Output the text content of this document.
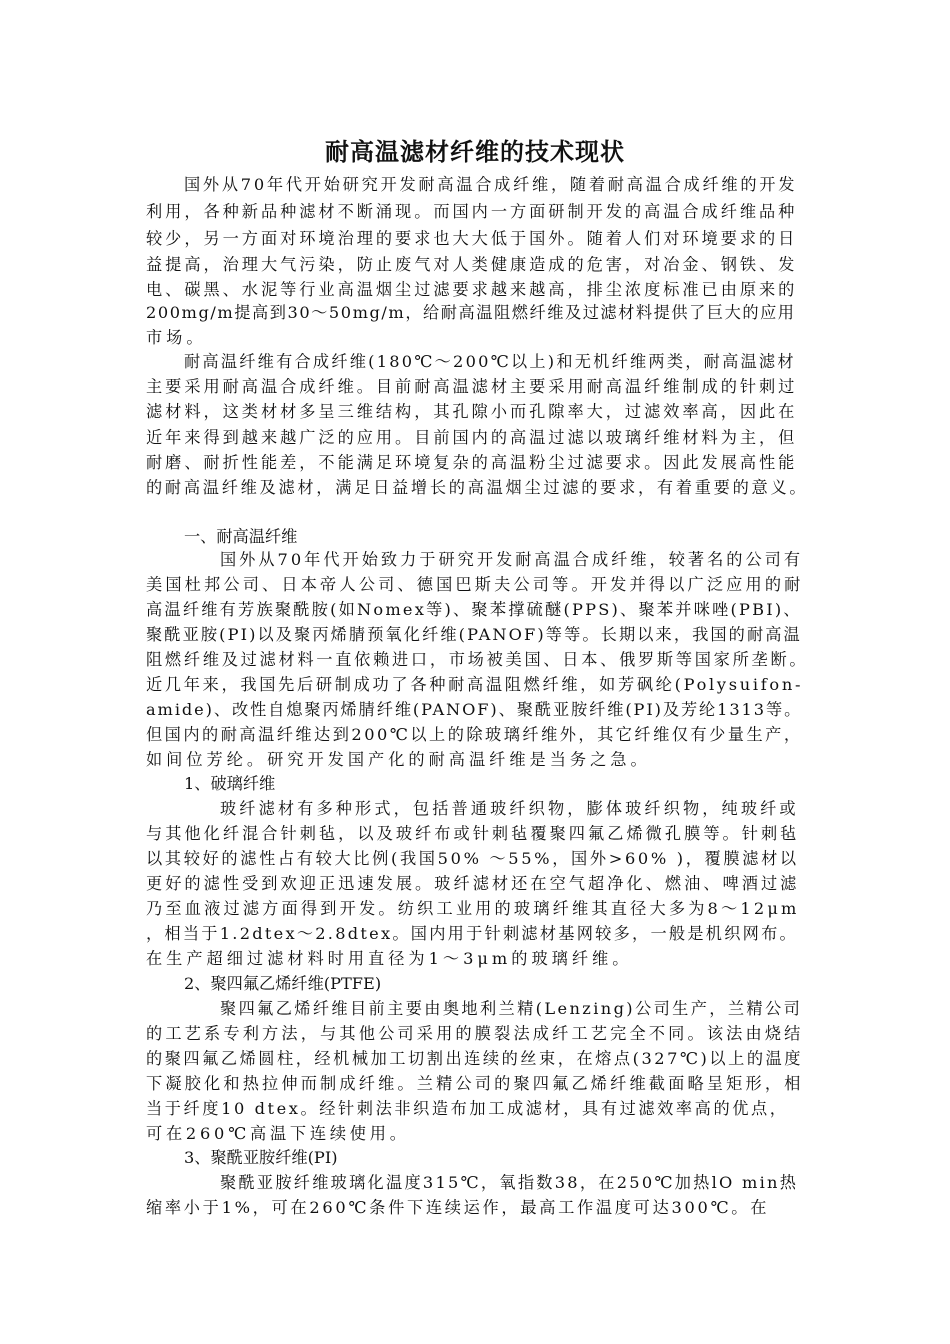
耐高温滤材纤维的技术现状
国外从70年代开始研究开发耐高温合成纤维，随着耐高温合成纤维的开发
利用，各种新品种滤材不断涌现。而国内一方面研制开发的高温合成纤维品种
较少，另一方面对环境治理的要求也大大低于国外。随着人们对环境要求的日
益提高，治理大气污染，防止废气对人类健康造成的危害，对冶金、钢铁、发
电、碳黑、水泥等行业高温烟尘过滤要求越来越高，排尘浓度标准已由原来的
200mg/m提高到30～50mg/m，给耐高温阻燃纤维及过滤材料提供了巨大的应用
市场。
耐高温纤维有合成纤维(180℃～200℃以上)和无机纤维两类，耐高温滤材
主要采用耐高温合成纤维。目前耐高温滤材主要采用耐高温纤维制成的针刺过
滤材料，这类材材多呈三维结构，其孔隙小而孔隙率大，过滤效率高，因此在
近年来得到越来越广泛的应用。目前国内的高温过滤以玻璃纤维材料为主，但
耐磨、耐折性能差，不能满足环境复杂的高温粉尘过滤要求。因此发展高性能
的耐高温纤维及滤材，满足日益增长的高温烟尘过滤的要求，有着重要的意义。
一、耐高温纤维
国外从70年代开始致力于研究开发耐高温合成纤维，较著名的公司有
美国杜邦公司、日本帝人公司、德国巴斯夫公司等。开发并得以广泛应用的耐
高温纤维有芳族聚酰胺(如Nomex等)、聚苯撑硫醚(PPS)、聚苯并咪唑(PBI)、
聚酰亚胺(PI)以及聚丙烯腈预氧化纤维(PANOF)等等。长期以来，我国的耐高温
阻燃纤维及过滤材料一直依赖进口，市场被美国、日本、俄罗斯等国家所垄断。
近几年来，我国先后研制成功了各种耐高温阻燃纤维，如芳砜纶(Polysuifon-
amide)、改性自熄聚丙烯腈纤维(PANOF)、聚酰亚胺纤维(PI)及芳纶1313等。
但国内的耐高温纤维达到200℃以上的除玻璃纤维外，其它纤维仅有少量生产，
如间位芳纶。研究开发国产化的耐高温纤维是当务之急。
1、破璃纤维
玻纤滤材有多种形式，包括普通玻纤织物，膨体玻纤织物，纯玻纤或
与其他化纤混合针刺毡，以及玻纤布或针刺毡覆聚四氟乙烯微孔膜等。针刺毡
以其较好的滤性占有较大比例(我国50% ～55%，国外>60% )，覆膜滤材以
更好的滤性受到欢迎正迅速发展。玻纤滤材还在空气超净化、燃油、啤酒过滤
乃至血液过滤方面得到开发。纺织工业用的玻璃纤维其直径大多为8～12μm
，相当于1.2dtex～2.8dtex。国内用于针刺滤材基网较多，一般是机织网布。
在生产超细过滤材料时用直径为1～3μm的玻璃纤维。
2、聚四氟乙烯纤维(PTFE)
聚四氟乙烯纤维目前主要由奥地利兰精(Lenzing)公司生产，兰精公司
的工艺系专利方法，与其他公司采用的膜裂法成纤工艺完全不同。该法由烧结
的聚四氟乙烯圆柱，经机械加工切割出连续的丝束，在熔点(327℃)以上的温度
下凝胶化和热拉伸而制成纤维。兰精公司的聚四氟乙烯纤维截面略呈矩形，相
当于纤度10 dtex。经针刺法非织造布加工成滤材，具有过滤效率高的优点，
可在260℃高温下连续使用。
3、聚酰亚胺纤维(PI)
聚酰亚胺纤维玻璃化温度315℃，氧指数38，在250℃加热lO min热
缩率小于1%，可在260℃条件下连续运作，最高工作温度可达300℃。在
